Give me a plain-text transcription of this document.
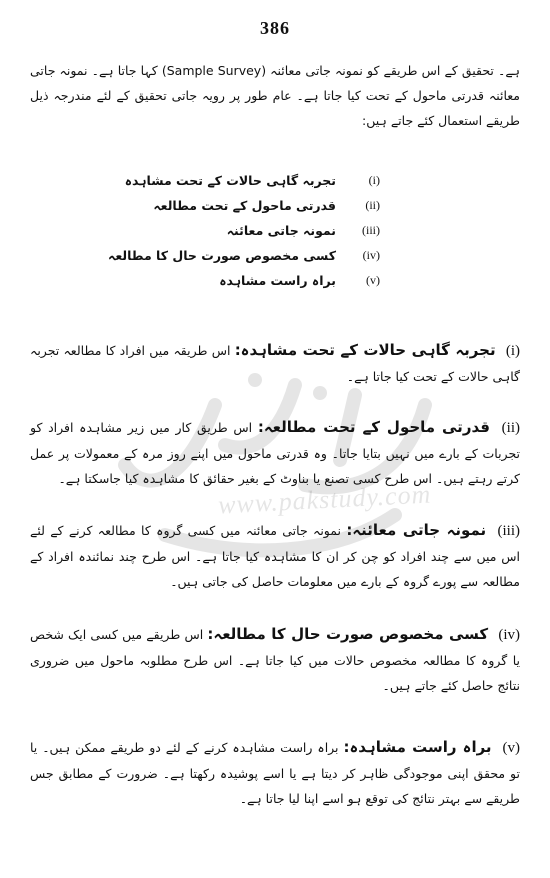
386
www.pakstudy.com
ہے۔ تحقیق کے اس طریقے کو نمونہ جاتی معائنہ (Sample Survey) کہا جاتا ہے۔ نمونہ جاتی معائنہ قدرتی ماحول کے تحت کیا جاتا ہے۔ عام طور پر رویہ جاتی تحقیق کے لئے مندرجہ ذیل طریقے استعمال کئے جاتے ہیں:
(i)
تجربہ گاہی حالات کے تحت مشاہدہ
(ii)
قدرتی ماحول کے تحت مطالعہ
(iii)
نمونہ جاتی معائنہ
(iv)
کسی مخصوص صورت حال کا مطالعہ
(v)
براہ راست مشاہدہ
(i) تجربہ گاہی حالات کے تحت مشاہدہ: اس طریقہ میں افراد کا مطالعہ تجربہ گاہی حالات کے تحت کیا جاتا ہے۔
(ii) قدرتی ماحول کے تحت مطالعہ: اس طریق کار میں زیر مشاہدہ افراد کو تجربات کے بارے میں نہیں بتایا جاتا۔ وہ قدرتی ماحول میں اپنے روز مرہ کے معمولات پر عمل کرتے رہتے ہیں۔ اس طرح کسی تصنع یا بناوٹ کے بغیر حقائق کا مشاہدہ کیا جاسکتا ہے۔
(iii) نمونہ جاتی معائنہ: نمونہ جاتی معائنہ میں کسی گروہ کا مطالعہ کرنے کے لئے اس میں سے چند افراد کو چن کر ان کا مشاہدہ کیا جاتا ہے۔ اس طرح چند نمائندہ افراد کے مطالعہ سے پورے گروہ کے بارے میں معلومات حاصل کی جاتی ہیں۔
(iv) کسی مخصوص صورت حال کا مطالعہ: اس طریقے میں کسی ایک شخص یا گروہ کا مطالعہ مخصوص حالات میں کیا جاتا ہے۔ اس طرح مطلوبہ ماحول میں ضروری نتائج حاصل کئے جاتے ہیں۔
(v) براہ راست مشاہدہ: براہ راست مشاہدہ کرنے کے لئے دو طریقے ممکن ہیں۔ یا تو محقق اپنی موجودگی ظاہر کر دیتا ہے یا اسے پوشیدہ رکھتا ہے۔ ضرورت کے مطابق جس طریقے سے بہتر نتائج کی توقع ہو اسے اپنا لیا جاتا ہے۔
